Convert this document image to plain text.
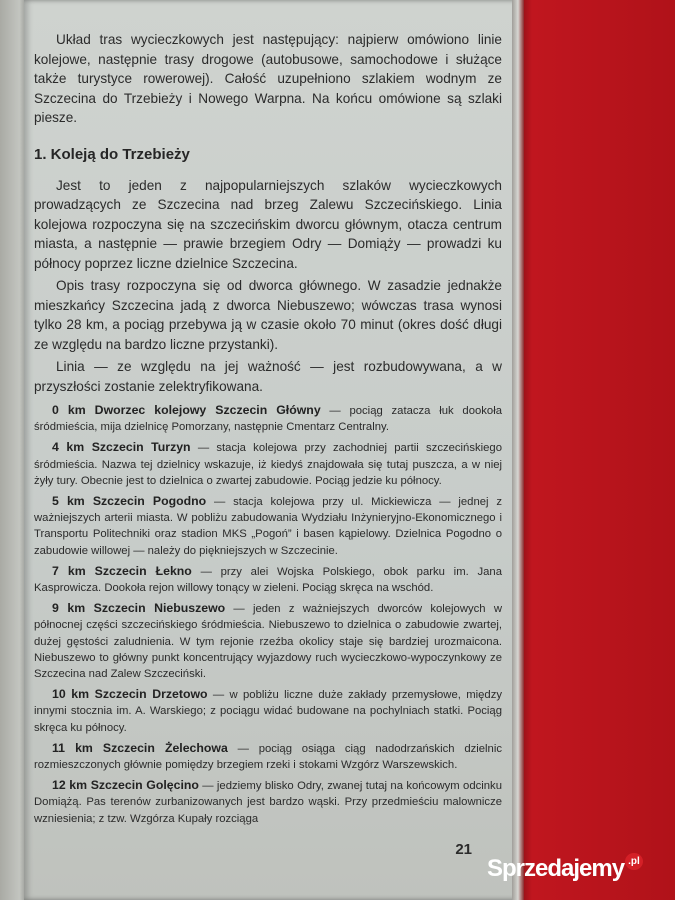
Układ tras wycieczkowych jest następujący: najpierw omówiono linie kolejowe, następnie trasy drogowe (autobusowe, samochodowe i służące także turystyce rowerowej). Całość uzupełniono szlakiem wodnym ze Szczecina do Trzebieży i Nowego Warpna. Na końcu omówione są szlaki piesze.

1. Koleją do Trzebieży

Jest to jeden z najpopularniejszych szlaków wycieczkowych prowadzących ze Szczecina nad brzeg Zalewu Szczecińskiego. Linia kolejowa rozpoczyna się na szczecińskim dworcu głównym, otacza centrum miasta, a następnie — prawie brzegiem Odry — Domiąży — prowadzi ku północy poprzez liczne dzielnice Szczecina.

Opis trasy rozpoczyna się od dworca głównego. W zasadzie jednakże mieszkańcy Szczecina jadą z dworca Niebuszewo; wówczas trasa wynosi tylko 28 km, a pociąg przebywa ją w czasie około 70 minut (okres dość długi ze względu na bardzo liczne przystanki).

Linia — ze względu na jej ważność — jest rozbudowywana, a w przyszłości zostanie zelektryfikowana.

0 km Dworzec kolejowy Szczecin Główny — pociąg zatacza łuk dookoła śródmieścia, mija dzielnicę Pomorzany, następnie Cmentarz Centralny.

4 km Szczecin Turzyn — stacja kolejowa przy zachodniej partii szczecińskiego śródmieścia. Nazwa tej dzielnicy wskazuje, iż kiedyś znajdowała się tutaj puszcza, a w niej żyły tury. Obecnie jest to dzielnica o zwartej zabudowie. Pociąg jedzie ku północy.

5 km Szczecin Pogodno — stacja kolejowa przy ul. Mickiewicza — jednej z ważniejszych arterii miasta. W pobliżu zabudowania Wydziału Inżynieryjno-Ekonomicznego i Transportu Politechniki oraz stadion MKS „Pogoń” i basen kąpielowy. Dzielnica Pogodno o zabudowie willowej — należy do piękniejszych w Szczecinie.

7 km Szczecin Łekno — przy alei Wojska Polskiego, obok parku im. Jana Kasprowicza. Dookoła rejon willowy tonący w zieleni. Pociąg skręca na wschód.

9 km Szczecin Niebuszewo — jeden z ważniejszych dworców kolejowych w północnej części szczecińskiego śródmieścia. Niebuszewo to dzielnica o zabudowie zwartej, dużej gęstości zaludnienia. W tym rejonie rzeźba okolicy staje się bardziej urozmaicona. Niebuszewo to główny punkt koncentrujący wyjazdowy ruch wycieczkowo-wypoczynkowy ze Szczecina nad Zalew Szczeciński.

10 km Szczecin Drzetowo — w pobliżu liczne duże zakłady przemysłowe, między innymi stocznia im. A. Warskiego; z pociągu widać budowane na pochylniach statki. Pociąg skręca ku północy.

11 km Szczecin Żelechowa — pociąg osiąga ciąg nadodrzańskich dzielnic rozmieszczonych głównie pomiędzy brzegiem rzeki i stokami Wzgórz Warszewskich.

12 km Szczecin Golęcino — jedziemy blisko Odry, zwanej tutaj na końcowym odcinku Domiążą. Pas terenów zurbanizowanych jest bardzo wąski. Przy przedmieściu malownicze wzniesienia; z tzw. Wzgórza Kupały rozciąga

21
Sprzedajemy $^{.pl}$
